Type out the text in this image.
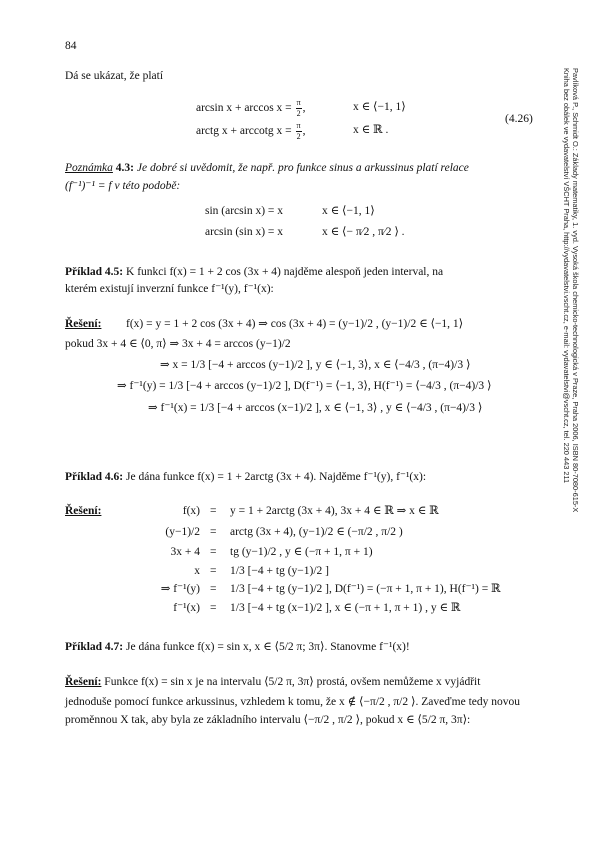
84
Dá se ukázat, že platí
$\arcsin x + \arccos x = \frac{\pi}{2}$ ,	x ∈ ⟨−1, 1⟩
arctg x + arccotg $x = \frac{\pi}{2}$ ,	x ∈ ℝ .
(4.26)
Poznámka 4.3: Je dobré si uvědomit, že např. pro funkce sinus a arkussinus platí relace
(f⁻¹)⁻¹ = f v této podobě:
sin (arcsin x) = x	x ∈ ⟨−1, 1⟩
arcsin (sin x) = x	x ∈ ⟨− π⁄2 , π⁄2 ⟩ .
Příklad 4.5: K funkci f(x) = 1 + 2 cos (3x + 4) najděme alespoň jeden interval, na
kterém existují inverzní funkce f⁻¹(y), f⁻¹(x):
Řešení: f(x) = y = 1 + 2 cos (3x + 4) ⇒ cos (3x + 4) = (y−1)/2 , (y−1)/2 ∈ ⟨−1, 1⟩
pokud 3x + 4 ∈ ⟨0, π⟩ ⇒ 3x + 4 = arccos (y−1)/2
⇒ x = 1/3 [−4 + arccos (y−1)/2 ], y ∈ ⟨−1, 3⟩, x ∈ ⟨−4/3 , (π−4)/3 ⟩
⇒ f⁻¹(y) = 1/3 [−4 + arccos (y−1)/2 ], D(f⁻¹) = ⟨−1, 3⟩, H(f⁻¹) = ⟨−4/3 , (π−4)/3 ⟩
⇒ f⁻¹(x) = 1/3 [−4 + arccos (x−1)/2 ], x ∈ ⟨−1, 3⟩ , y ∈ ⟨−4/3 , (π−4)/3 ⟩
Příklad 4.6: Je dána funkce f(x) = 1 + 2arctg (3x + 4). Najděme f⁻¹(y), f⁻¹(x):
Řešení:	f(x) = y = 1 + 2arctg (3x + 4), 3x + 4 ∈ ℝ ⇒ x ∈ ℝ
(y−1)/2 = arctg (3x + 4), (y−1)/2 ∈ (−π/2 , π/2 )
3x + 4 = tg (y−1)/2 , y ∈ (−π + 1, π + 1)
x = 1/3 [−4 + tg (y−1)/2 ]
⇒ f⁻¹(y) = 1/3 [−4 + tg (y−1)/2 ], D(f⁻¹) = (−π + 1, π + 1), H(f⁻¹) = ℝ
f⁻¹(x) = 1/3 [−4 + tg (x−1)/2 ], x ∈ (−π + 1, π + 1) , y ∈ ℝ
Příklad 4.7: Je dána funkce f(x) = sin x, x ∈ ⟨5/2 π; 3π⟩. Stanovme f⁻¹(x)!
Řešení: Funkce f(x) = sin x je na intervalu ⟨5/2 π, 3π⟩ prostá, ovšem nemůžeme x vyjádřit
jednoduše pomocí funkce arkussinus, vzhledem k tomu, že x ∉ ⟨−π/2 , π/2 ⟩. Zaveďme tedy novou
proměnnou X tak, aby byla ze základního intervalu ⟨−π/2 , π/2 ⟩, pokud x ∈ ⟨5/2 π, 3π⟩:
Pavlíková P., Schmidt O.: Základy matematiky, 1. vyd. Vysoká škola chemicko-technologická v Praze, Praha 2006, ISBN 80-7080-615-X
Kniha bez obálek ve vydavatelství VŠCHT Praha, http://vydavatelstvi.vscht.cz, e-mail: vydavatelstvi@vscht.cz, tel. 220 443 211
